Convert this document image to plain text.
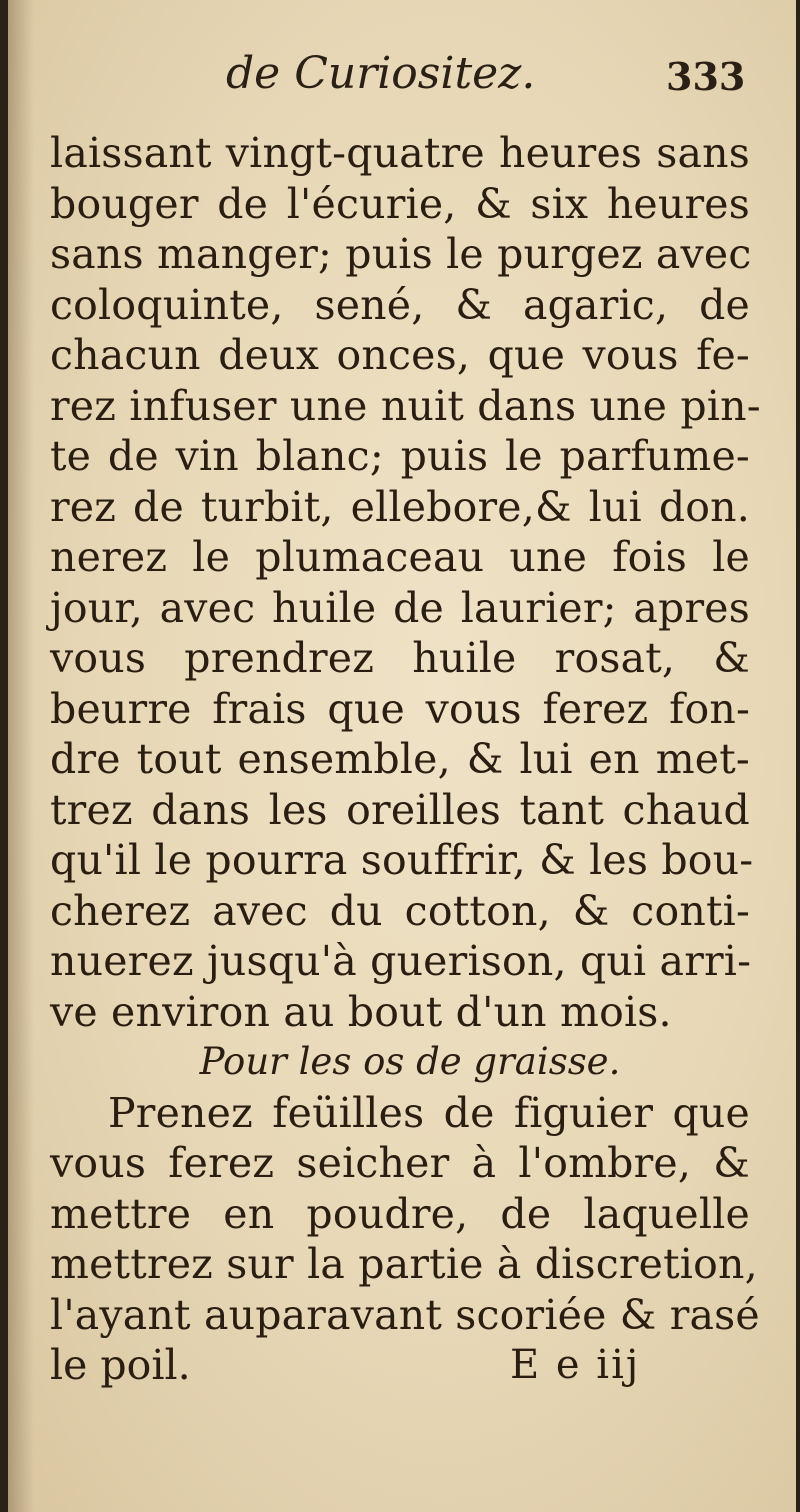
de Curiositez.	333
laissant vingt-quatre heures sans
bouger de l'écurie, & six heures
sans manger; puis le purgez avec
coloquinte, sené, & agaric, de
chacun deux onces, que vous fe-
rez infuser une nuit dans une pin-
te de vin blanc; puis le parfume-
rez de turbit, ellebore,& lui don.
nerez le plumaceau une fois le
jour, avec huile de laurier; apres
vous prendrez huile rosat, &
beurre frais que vous ferez fon-
dre tout ensemble, & lui en met-
trez dans les oreilles tant chaud
qu'il le pourra souffrir, & les bou-
cherez avec du cotton, & conti-
nuerez jusqu'à guerison, qui arri-
ve environ au bout d'un mois.
Pour les os de graisse.
Prenez feüilles de figuier que
vous ferez seicher à l'ombre, &
mettre en poudre, de laquelle
mettrez sur la partie à discretion,
l'ayant auparavant scoriée & rasé
le poil.	E e iij
